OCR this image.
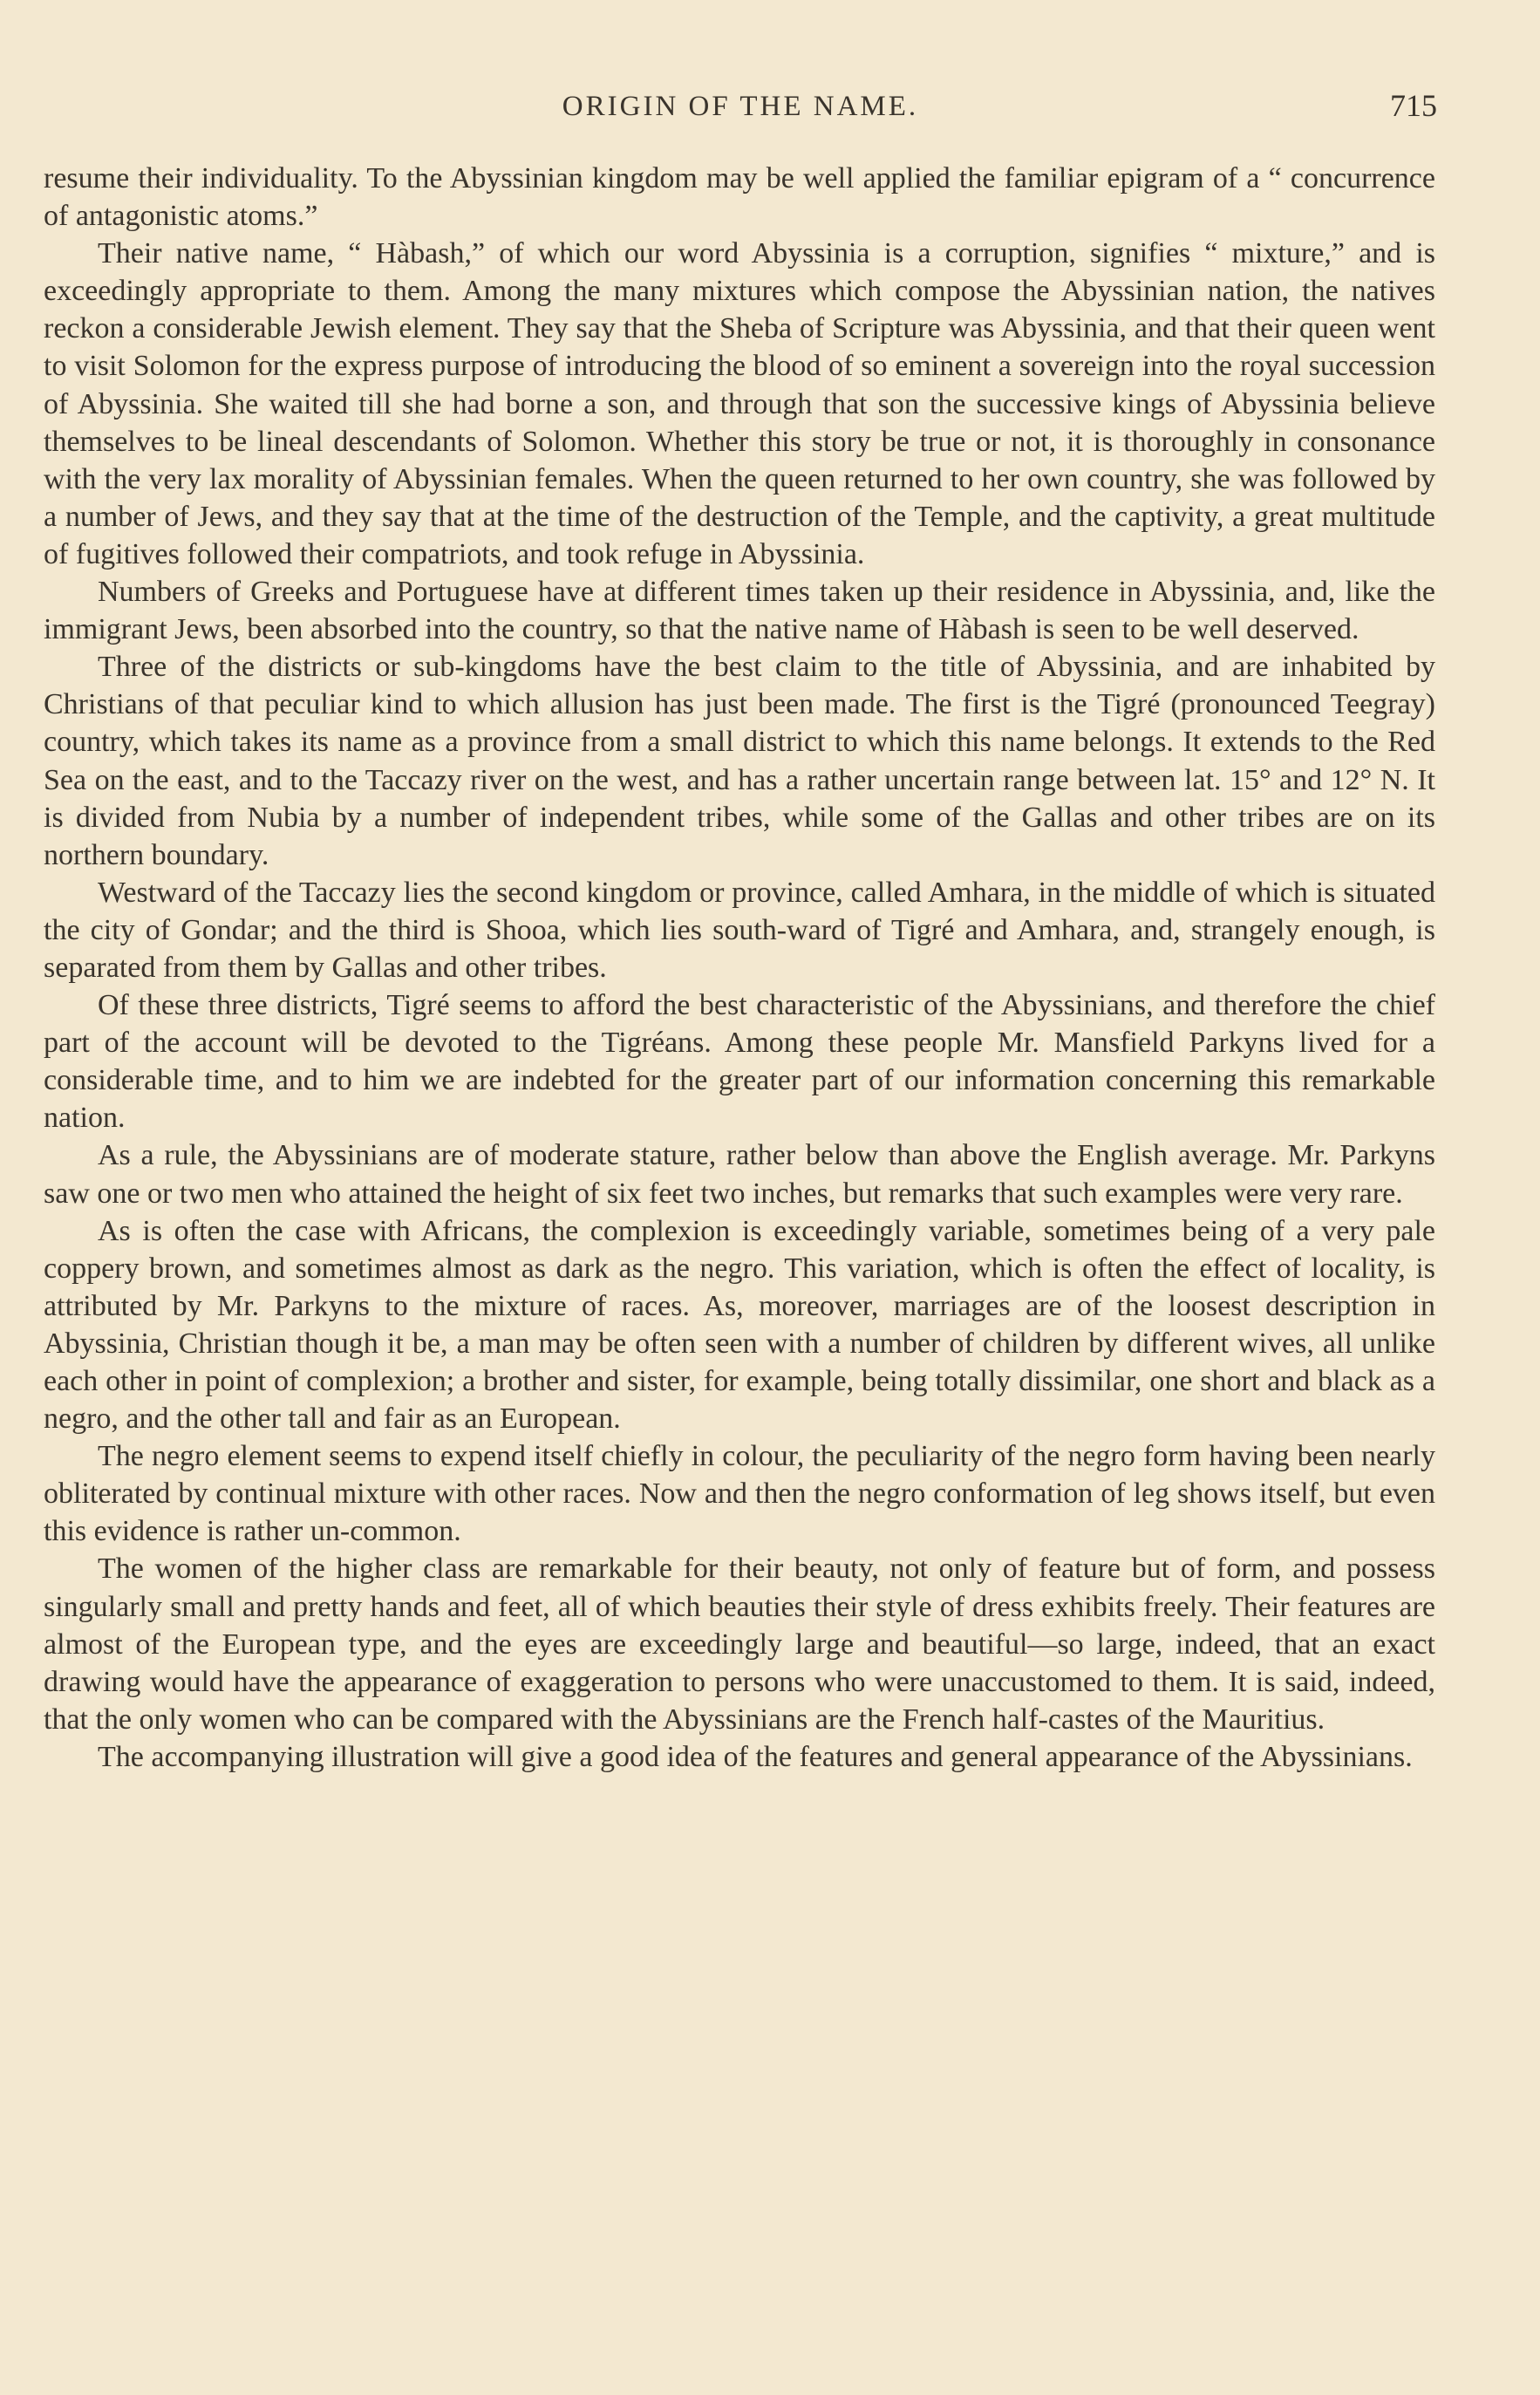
ORIGIN OF THE NAME.	715

resume their individuality. To the Abyssinian kingdom may be well applied the familiar epigram of a “ concurrence of antagonistic atoms.”

Their native name, “ Hàbash,” of which our word Abyssinia is a corruption, signifies “ mixture,” and is exceedingly appropriate to them. Among the many mixtures which compose the Abyssinian nation, the natives reckon a considerable Jewish element. They say that the Sheba of Scripture was Abyssinia, and that their queen went to visit Solomon for the express purpose of introducing the blood of so eminent a sovereign into the royal succession of Abyssinia. She waited till she had borne a son, and through that son the successive kings of Abyssinia believe themselves to be lineal descendants of Solomon. Whether this story be true or not, it is thoroughly in consonance with the very lax morality of Abyssinian females. When the queen returned to her own country, she was followed by a number of Jews, and they say that at the time of the destruction of the Temple, and the captivity, a great multitude of fugitives followed their compatriots, and took refuge in Abyssinia.

Numbers of Greeks and Portuguese have at different times taken up their residence in Abyssinia, and, like the immigrant Jews, been absorbed into the country, so that the native name of Hàbash is seen to be well deserved.

Three of the districts or sub-kingdoms have the best claim to the title of Abyssinia, and are inhabited by Christians of that peculiar kind to which allusion has just been made. The first is the Tigré (pronounced Teegray) country, which takes its name as a province from a small district to which this name belongs. It extends to the Red Sea on the east, and to the Taccazy river on the west, and has a rather uncertain range between lat. 15° and 12° N. It is divided from Nubia by a number of independent tribes, while some of the Gallas and other tribes are on its northern boundary.

Westward of the Taccazy lies the second kingdom or province, called Amhara, in the middle of which is situated the city of Gondar; and the third is Shooa, which lies south-ward of Tigré and Amhara, and, strangely enough, is separated from them by Gallas and other tribes.

Of these three districts, Tigré seems to afford the best characteristic of the Abyssinians, and therefore the chief part of the account will be devoted to the Tigréans. Among these people Mr. Mansfield Parkyns lived for a considerable time, and to him we are indebted for the greater part of our information concerning this remarkable nation.

As a rule, the Abyssinians are of moderate stature, rather below than above the English average. Mr. Parkyns saw one or two men who attained the height of six feet two inches, but remarks that such examples were very rare.

As is often the case with Africans, the complexion is exceedingly variable, sometimes being of a very pale coppery brown, and sometimes almost as dark as the negro. This variation, which is often the effect of locality, is attributed by Mr. Parkyns to the mixture of races. As, moreover, marriages are of the loosest description in Abyssinia, Christian though it be, a man may be often seen with a number of children by different wives, all unlike each other in point of complexion; a brother and sister, for example, being totally dissimilar, one short and black as a negro, and the other tall and fair as an European.

The negro element seems to expend itself chiefly in colour, the peculiarity of the negro form having been nearly obliterated by continual mixture with other races. Now and then the negro conformation of leg shows itself, but even this evidence is rather un-common.

The women of the higher class are remarkable for their beauty, not only of feature but of form, and possess singularly small and pretty hands and feet, all of which beauties their style of dress exhibits freely. Their features are almost of the European type, and the eyes are exceedingly large and beautiful—so large, indeed, that an exact drawing would have the appearance of exaggeration to persons who were unaccustomed to them. It is said, indeed, that the only women who can be compared with the Abyssinians are the French half-castes of the Mauritius.

The accompanying illustration will give a good idea of the features and general appearance of the Abyssinians.
